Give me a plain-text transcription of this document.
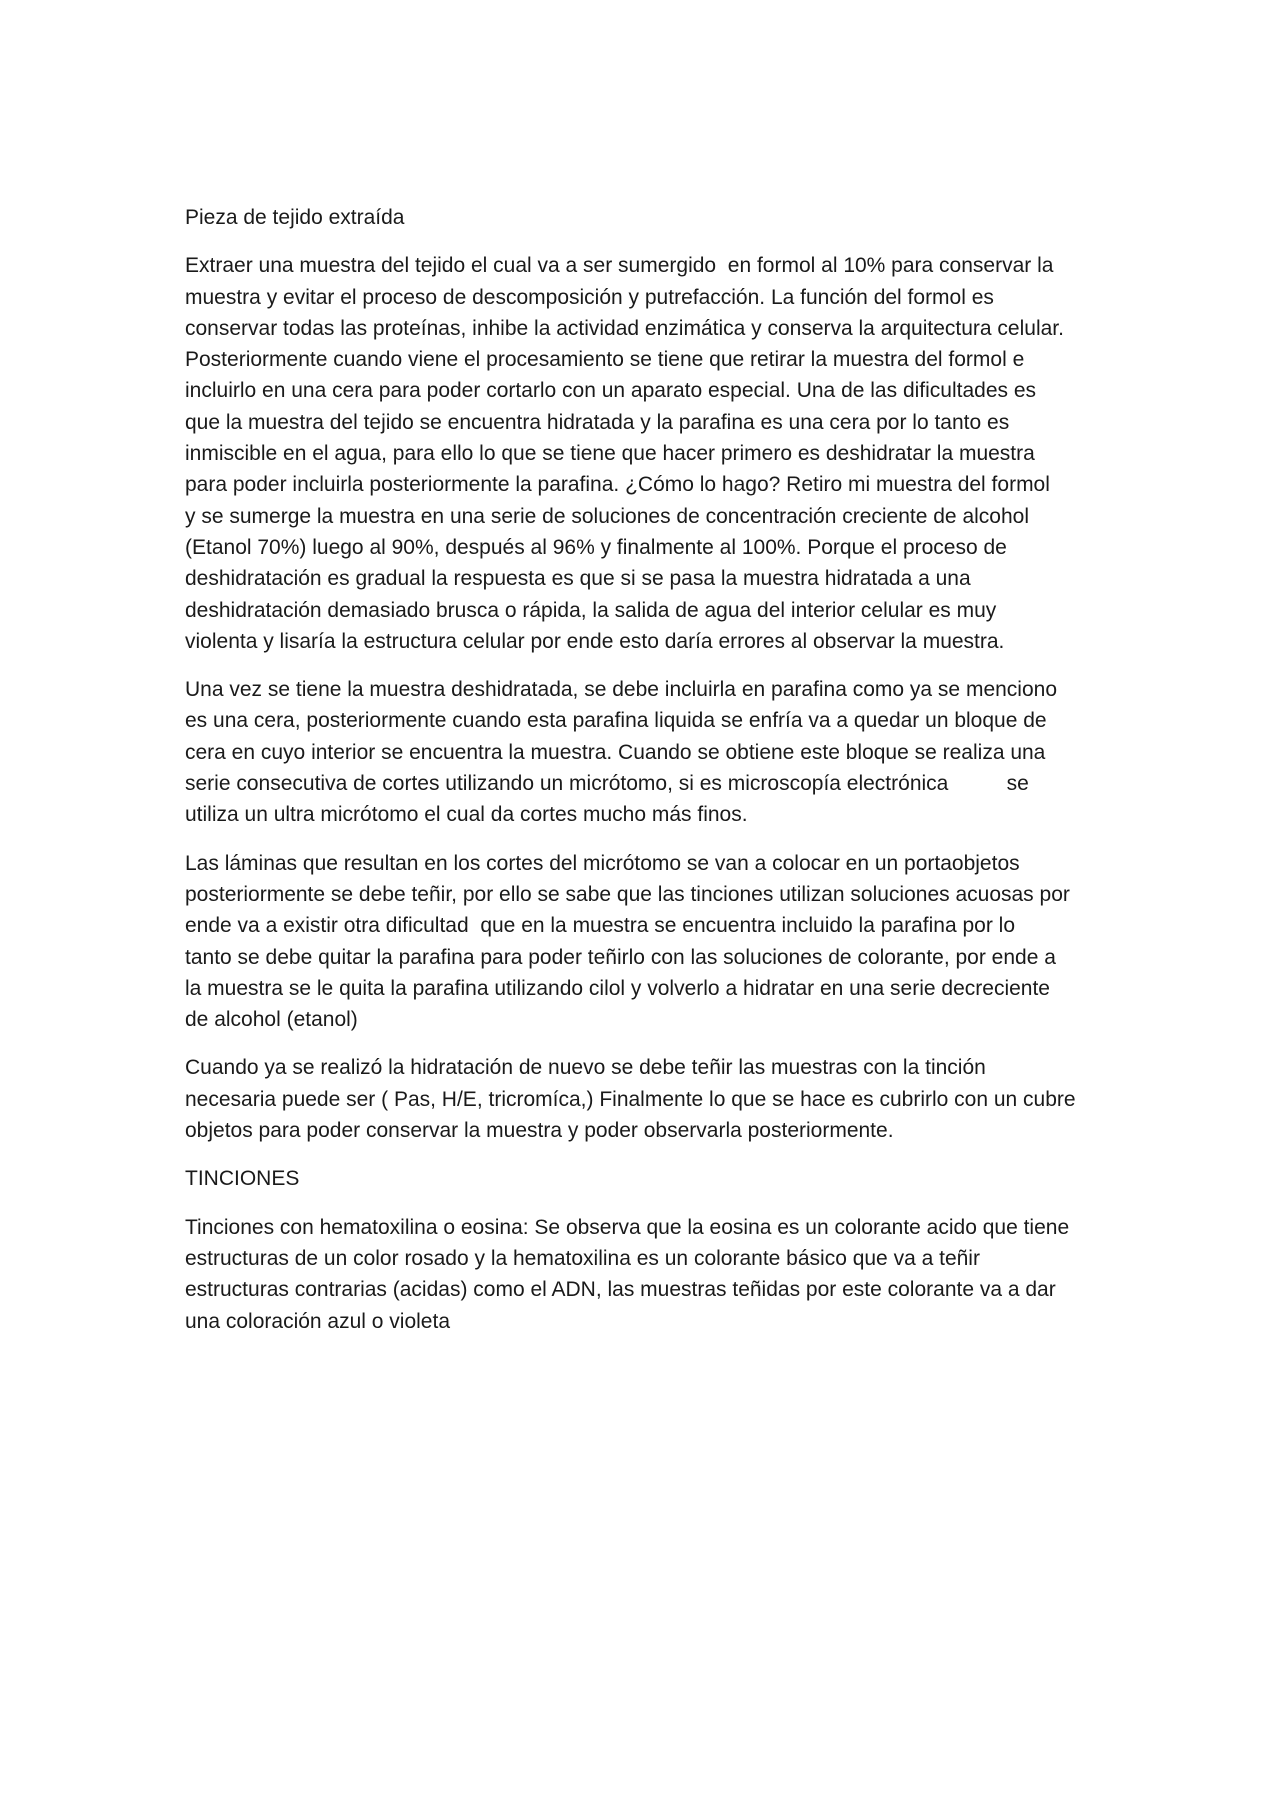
Pieza de tejido extraída

Extraer una muestra del tejido el cual va a ser sumergido  en formol al 10% para conservar la
muestra y evitar el proceso de descomposición y putrefacción. La función del formol es
conservar todas las proteínas, inhibe la actividad enzimática y conserva la arquitectura celular.
Posteriormente cuando viene el procesamiento se tiene que retirar la muestra del formol e
incluirlo en una cera para poder cortarlo con un aparato especial. Una de las dificultades es
que la muestra del tejido se encuentra hidratada y la parafina es una cera por lo tanto es
inmiscible en el agua, para ello lo que se tiene que hacer primero es deshidratar la muestra
para poder incluirla posteriormente la parafina. ¿Cómo lo hago? Retiro mi muestra del formol
y se sumerge la muestra en una serie de soluciones de concentración creciente de alcohol
(Etanol 70%) luego al 90%, después al 96% y finalmente al 100%. Porque el proceso de
deshidratación es gradual la respuesta es que si se pasa la muestra hidratada a una
deshidratación demasiado brusca o rápida, la salida de agua del interior celular es muy
violenta y lisaría la estructura celular por ende esto daría errores al observar la muestra.

Una vez se tiene la muestra deshidratada, se debe incluirla en parafina como ya se menciono
es una cera, posteriormente cuando esta parafina liquida se enfría va a quedar un bloque de
cera en cuyo interior se encuentra la muestra. Cuando se obtiene este bloque se realiza una
serie consecutiva de cortes utilizando un micrótomo, si es microscopía electrónica          se
utiliza un ultra micrótomo el cual da cortes mucho más finos.

Las láminas que resultan en los cortes del micrótomo se van a colocar en un portaobjetos
posteriormente se debe teñir, por ello se sabe que las tinciones utilizan soluciones acuosas por
ende va a existir otra dificultad  que en la muestra se encuentra incluido la parafina por lo
tanto se debe quitar la parafina para poder teñirlo con las soluciones de colorante, por ende a
la muestra se le quita la parafina utilizando cilol y volverlo a hidratar en una serie decreciente
de alcohol (etanol)

Cuando ya se realizó la hidratación de nuevo se debe teñir las muestras con la tinción
necesaria puede ser ( Pas, H/E, tricromíca,) Finalmente lo que se hace es cubrirlo con un cubre
objetos para poder conservar la muestra y poder observarla posteriormente.

TINCIONES

Tinciones con hematoxilina o eosina: Se observa que la eosina es un colorante acido que tiene
estructuras de un color rosado y la hematoxilina es un colorante básico que va a teñir
estructuras contrarias (acidas) como el ADN, las muestras teñidas por este colorante va a dar
una coloración azul o violeta
